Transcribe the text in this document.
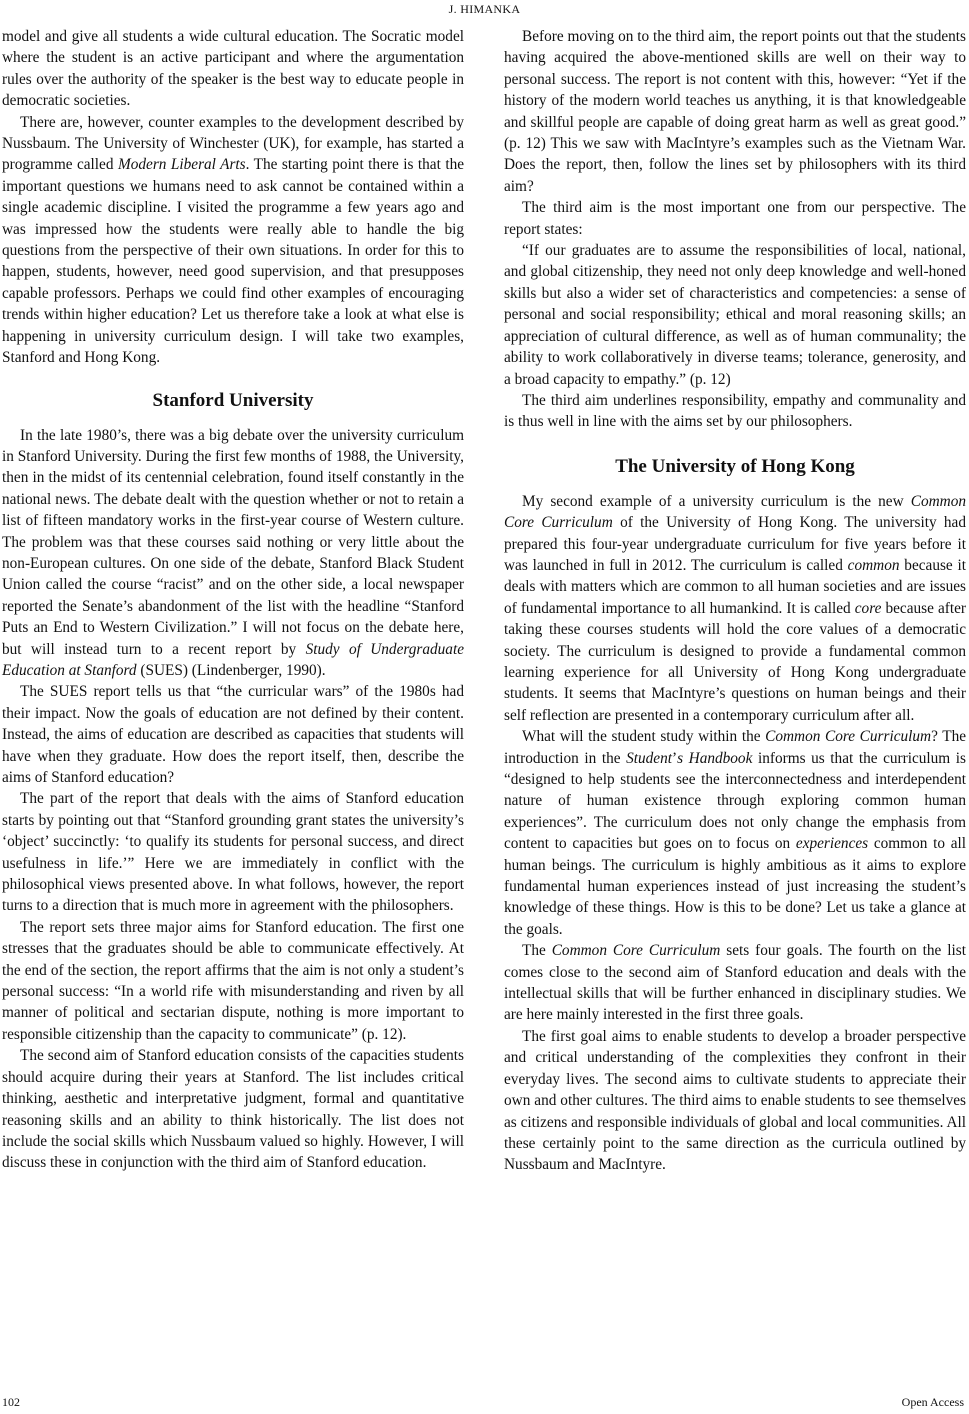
J. HIMANKA

model and give all students a wide cultural education. The Socratic model where the student is an active participant and where the argumentation rules over the authority of the speaker is the best way to educate people in democratic societies.

There are, however, counter examples to the development described by Nussbaum. The University of Winchester (UK), for example, has started a programme called Modern Liberal Arts. The starting point there is that the important questions we humans need to ask cannot be contained within a single academic discipline. I visited the programme a few years ago and was impressed how the students were really able to handle the big questions from the perspective of their own situations. In order for this to happen, students, however, need good supervision, and that presupposes capable professors. Perhaps we could find other examples of encouraging trends within higher education? Let us therefore take a look at what else is happening in university curriculum design. I will take two examples, Stanford and Hong Kong.

Stanford University

In the late 1980’s, there was a big debate over the university curriculum in Stanford University. During the first few months of 1988, the University, then in the midst of its centennial celebration, found itself constantly in the national news. The debate dealt with the question whether or not to retain a list of fifteen mandatory works in the first-year course of Western culture. The problem was that these courses said nothing or very little about the non-European cultures. On one side of the debate, Stanford Black Student Union called the course “racist” and on the other side, a local newspaper reported the Senate’s abandonment of the list with the headline “Stanford Puts an End to Western Civilization.” I will not focus on the debate here, but will instead turn to a recent report by Study of Undergraduate Education at Stanford (SUES) (Lindenberger, 1990).

The SUES report tells us that “the curricular wars” of the 1980s had their impact. Now the goals of education are not defined by their content. Instead, the aims of education are described as capacities that students will have when they graduate. How does the report itself, then, describe the aims of Stanford education?

The part of the report that deals with the aims of Stanford education starts by pointing out that “Stanford grounding grant states the university’s ‘object’ succinctly: ‘to qualify its students for personal success, and direct usefulness in life.’” Here we are immediately in conflict with the philosophical views presented above. In what follows, however, the report turns to a direction that is much more in agreement with the philosophers.

The report sets three major aims for Stanford education. The first one stresses that the graduates should be able to communicate effectively. At the end of the section, the report affirms that the aim is not only a student’s personal success: “In a world rife with misunderstanding and riven by all manner of political and sectarian dispute, nothing is more important to responsible citizenship than the capacity to communicate” (p. 12).

The second aim of Stanford education consists of the capacities students should acquire during their years at Stanford. The list includes critical thinking, aesthetic and interpretative judgment, formal and quantitative reasoning skills and an ability to think historically. The list does not include the social skills which Nussbaum valued so highly. However, I will discuss these in conjunction with the third aim of Stanford education.

Before moving on to the third aim, the report points out that the students having acquired the above-mentioned skills are well on their way to personal success. The report is not content with this, however: “Yet if the history of the modern world teaches us anything, it is that knowledgeable and skillful people are capable of doing great harm as well as great good.” (p. 12) This we saw with MacIntyre’s examples such as the Vietnam War. Does the report, then, follow the lines set by philosophers with its third aim?

The third aim is the most important one from our perspective. The report states:

“If our graduates are to assume the responsibilities of local, national, and global citizenship, they need not only deep knowledge and well-honed skills but also a wider set of characteristics and competencies: a sense of personal and social responsibility; ethical and moral reasoning skills; an appreciation of cultural difference, as well as of human communality; the ability to work collaboratively in diverse teams; tolerance, generosity, and a broad capacity to empathy.” (p. 12)

The third aim underlines responsibility, empathy and communality and is thus well in line with the aims set by our philosophers.

The University of Hong Kong

My second example of a university curriculum is the new Common Core Curriculum of the University of Hong Kong. The university had prepared this four-year undergraduate curriculum for five years before it was launched in full in 2012. The curriculum is called common because it deals with matters which are common to all human societies and are issues of fundamental importance to all humankind. It is called core because after taking these courses students will hold the core values of a democratic society. The curriculum is designed to provide a fundamental common learning experience for all University of Hong Kong undergraduate students. It seems that MacIntyre’s questions on human beings and their self reflection are presented in a contemporary curriculum after all.

What will the student study within the Common Core Curriculum? The introduction in the Student’s Handbook informs us that the curriculum is “designed to help students see the interconnectedness and interdependent nature of human existence through exploring common human experiences”. The curriculum does not only change the emphasis from content to capacities but goes on to focus on experiences common to all human beings. The curriculum is highly ambitious as it aims to explore fundamental human experiences instead of just increasing the student’s knowledge of these things. How is this to be done? Let us take a glance at the goals.

The Common Core Curriculum sets four goals. The fourth on the list comes close to the second aim of Stanford education and deals with the intellectual skills that will be further enhanced in disciplinary studies. We are here mainly interested in the first three goals.

The first goal aims to enable students to develop a broader perspective and critical understanding of the complexities they confront in their everyday lives. The second aims to cultivate students to appreciate their own and other cultures. The third aims to enable students to see themselves as citizens and responsible individuals of global and local communities. All these certainly point to the same direction as the curricula outlined by Nussbaum and MacIntyre.

102	Open Access
